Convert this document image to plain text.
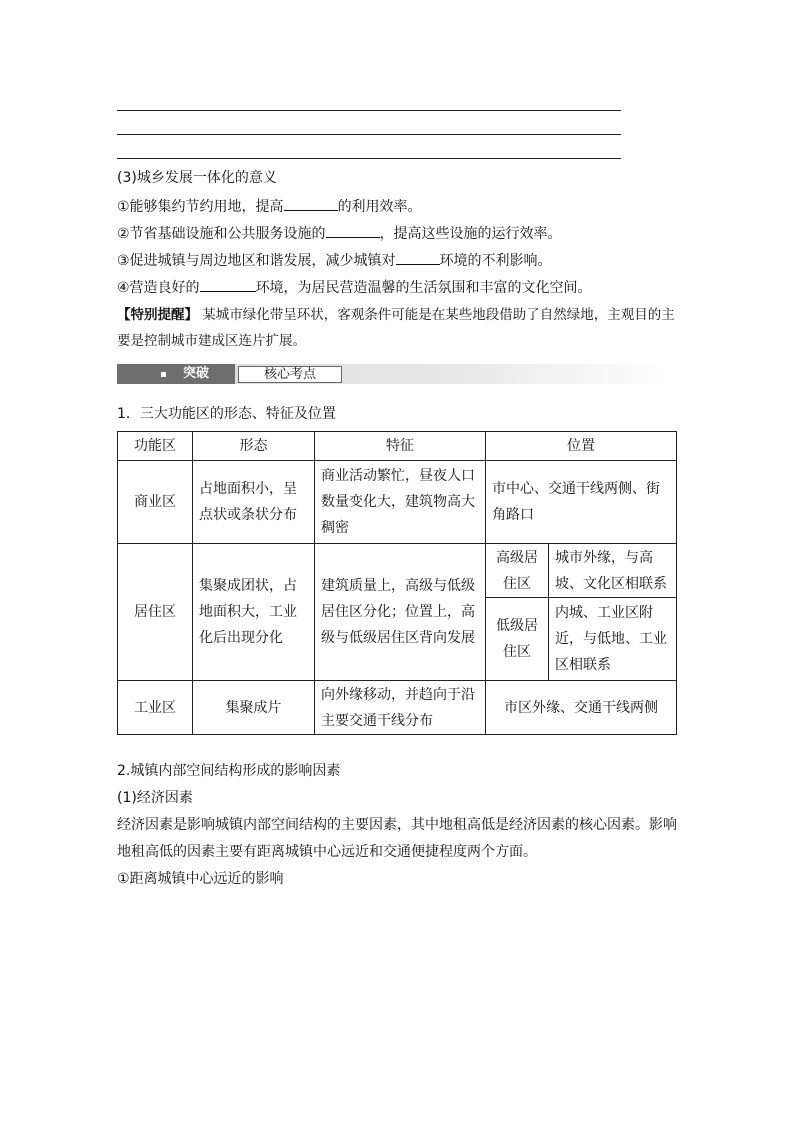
(3)城乡发展一体化的意义
①能够集约节约用地，提高	的利用效率。
②节省基础设施和公共服务设施的	，提高这些设施的运行效率。
③促进城镇与周边地区和谐发展，减少城镇对	环境的不利影响。
④营造良好的	环境，为居民营造温馨的生活氛围和丰富的文化空间。
【特别提醒】 某城市绿化带呈环状，客观条件可能是在某些地段借助了自然绿地，主观目的主要是控制城市建成区连片扩展。
突破	核心考点
1．三大功能区的形态、特征及位置
功能区	形态	特征	位置	
商业区	占地面积小，呈点状或条状分布	商业活动繁忙，昼夜人口数量变化大，建筑物高大稠密	市中心、交通干线两侧、街角路口	
居住区	集聚成团状，占地面积大，工业化后出现分化	建筑质量上，高级与低级居住区分化；位置上，高级与低级居住区背向发展	高级居住区	城市外缘，与高坡、文化区相联系
			低级居住区	内城、工业区附近，与低地、工业区相联系
工业区	集聚成片	向外缘移动，并趋向于沿主要交通干线分布	市区外缘、交通干线两侧	
2.城镇内部空间结构形成的影响因素
(1)经济因素
经济因素是影响城镇内部空间结构的主要因素，其中地租高低是经济因素的核心因素。影响地租高低的因素主要有距离城镇中心远近和交通便捷程度两个方面。
①距离城镇中心远近的影响
